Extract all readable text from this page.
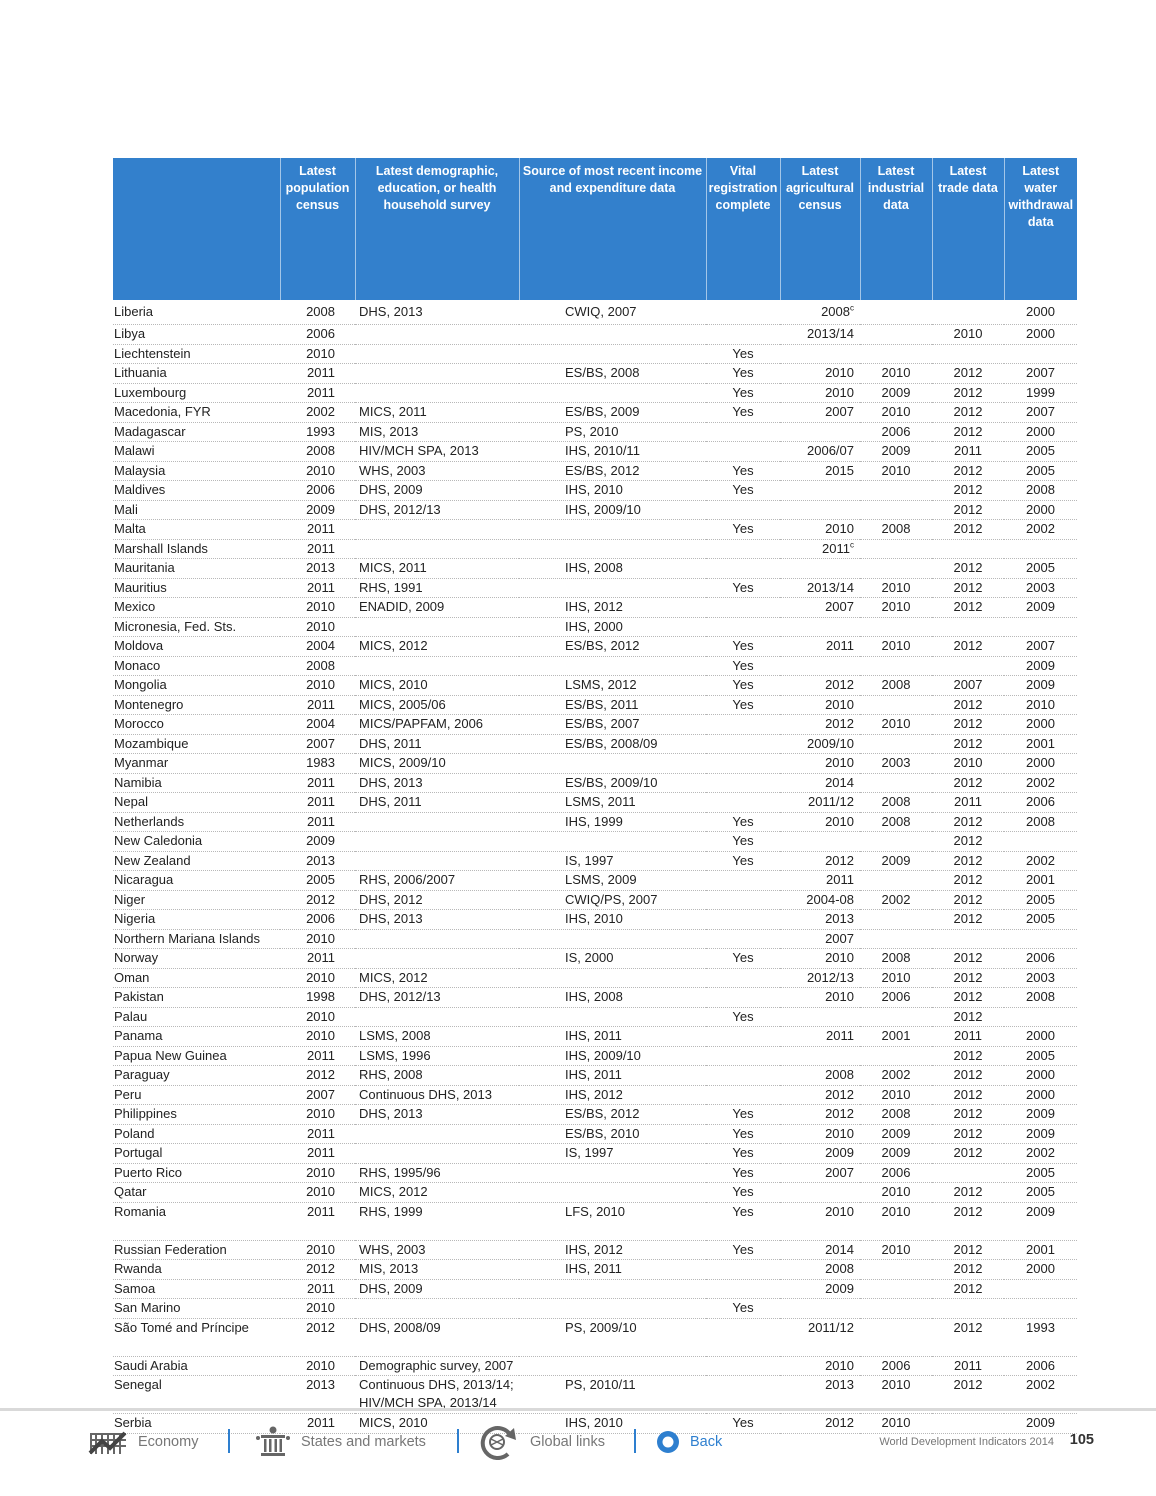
	Latest population census	Latest demographic, education, or health household survey	Source of most recent income and expenditure data	Vital registration complete	Latest agricultural census	Latest industrial data	Latest trade data	Latest water withdrawal data
Liberia	2008	DHS, 2013	CWIQ, 2007		2008$^c$			2000
Libya	2006				2013/14		2010	2000
Liechtenstein	2010			Yes				
Lithuania	2011		ES/BS, 2008	Yes	2010	2010	2012	2007
Luxembourg	2011			Yes	2010	2009	2012	1999
Macedonia, FYR	2002	MICS, 2011	ES/BS, 2009	Yes	2007	2010	2012	2007
Madagascar	1993	MIS, 2013	PS, 2010			2006	2012	2000
Malawi	2008	HIV/MCH SPA, 2013	IHS, 2010/11		2006/07	2009	2011	2005
Malaysia	2010	WHS, 2003	ES/BS, 2012	Yes	2015	2010	2012	2005
Maldives	2006	DHS, 2009	IHS, 2010	Yes			2012	2008
Mali	2009	DHS, 2012/13	IHS, 2009/10				2012	2000
Malta	2011			Yes	2010	2008	2012	2002
Marshall Islands	2011				2011$^c$			
Mauritania	2013	MICS, 2011	IHS, 2008				2012	2005
Mauritius	2011	RHS, 1991		Yes	2013/14	2010	2012	2003
Mexico	2010	ENADID, 2009	IHS, 2012		2007	2010	2012	2009
Micronesia, Fed. Sts.	2010		IHS, 2000					
Moldova	2004	MICS, 2012	ES/BS, 2012	Yes	2011	2010	2012	2007
Monaco	2008			Yes				2009
Mongolia	2010	MICS, 2010	LSMS, 2012	Yes	2012	2008	2007	2009
Montenegro	2011	MICS, 2005/06	ES/BS, 2011	Yes	2010		2012	2010
Morocco	2004	MICS/PAPFAM, 2006	ES/BS, 2007		2012	2010	2012	2000
Mozambique	2007	DHS, 2011	ES/BS, 2008/09		2009/10		2012	2001
Myanmar	1983	MICS, 2009/10			2010	2003	2010	2000
Namibia	2011	DHS, 2013	ES/BS, 2009/10		2014		2012	2002
Nepal	2011	DHS, 2011	LSMS, 2011		2011/12	2008	2011	2006
Netherlands	2011		IHS, 1999	Yes	2010	2008	2012	2008
New Caledonia	2009			Yes			2012	
New Zealand	2013		IS, 1997	Yes	2012	2009	2012	2002
Nicaragua	2005	RHS, 2006/2007	LSMS, 2009		2011		2012	2001
Niger	2012	DHS, 2012	CWIQ/PS, 2007		2004-08	2002	2012	2005
Nigeria	2006	DHS, 2013	IHS, 2010		2013		2012	2005
Northern Mariana Islands	2010				2007			
Norway	2011		IS, 2000	Yes	2010	2008	2012	2006
Oman	2010	MICS, 2012			2012/13	2010	2012	2003
Pakistan	1998	DHS, 2012/13	IHS, 2008		2010	2006	2012	2008
Palau	2010			Yes			2012	
Panama	2010	LSMS, 2008	IHS, 2011		2011	2001	2011	2000
Papua New Guinea	2011	LSMS, 1996	IHS, 2009/10				2012	2005
Paraguay	2012	RHS, 2008	IHS, 2011		2008	2002	2012	2000
Peru	2007	Continuous DHS, 2013	IHS, 2012		2012	2010	2012	2000
Philippines	2010	DHS, 2013	ES/BS, 2012	Yes	2012	2008	2012	2009
Poland	2011		ES/BS, 2010	Yes	2010	2009	2012	2009
Portugal	2011		IS, 1997	Yes	2009	2009	2012	2002
Puerto Rico	2010	RHS, 1995/96		Yes	2007	2006		2005
Qatar	2010	MICS, 2012		Yes		2010	2012	2005
Romania	2011	RHS, 1999	LFS, 2010	Yes	2010	2010	2012	2009
Russian Federation	2010	WHS, 2003	IHS, 2012	Yes	2014	2010	2012	2001
Rwanda	2012	MIS, 2013	IHS, 2011		2008		2012	2000
Samoa	2011	DHS, 2009			2009		2012	
San Marino	2010			Yes				
São Tomé and Príncipe	2012	DHS, 2008/09	PS, 2009/10		2011/12		2012	1993
Saudi Arabia	2010	Demographic survey, 2007			2010	2006	2011	2006
Senegal	2013	Continuous DHS, 2013/14;
HIV/MCH SPA, 2013/14	PS, 2010/11		2013	2010	2012	2002
Serbia	2011	MICS, 2010	IHS, 2010	Yes	2012	2010		2009
Economy	States and markets	Global links	Back	World Development Indicators 2014 105
